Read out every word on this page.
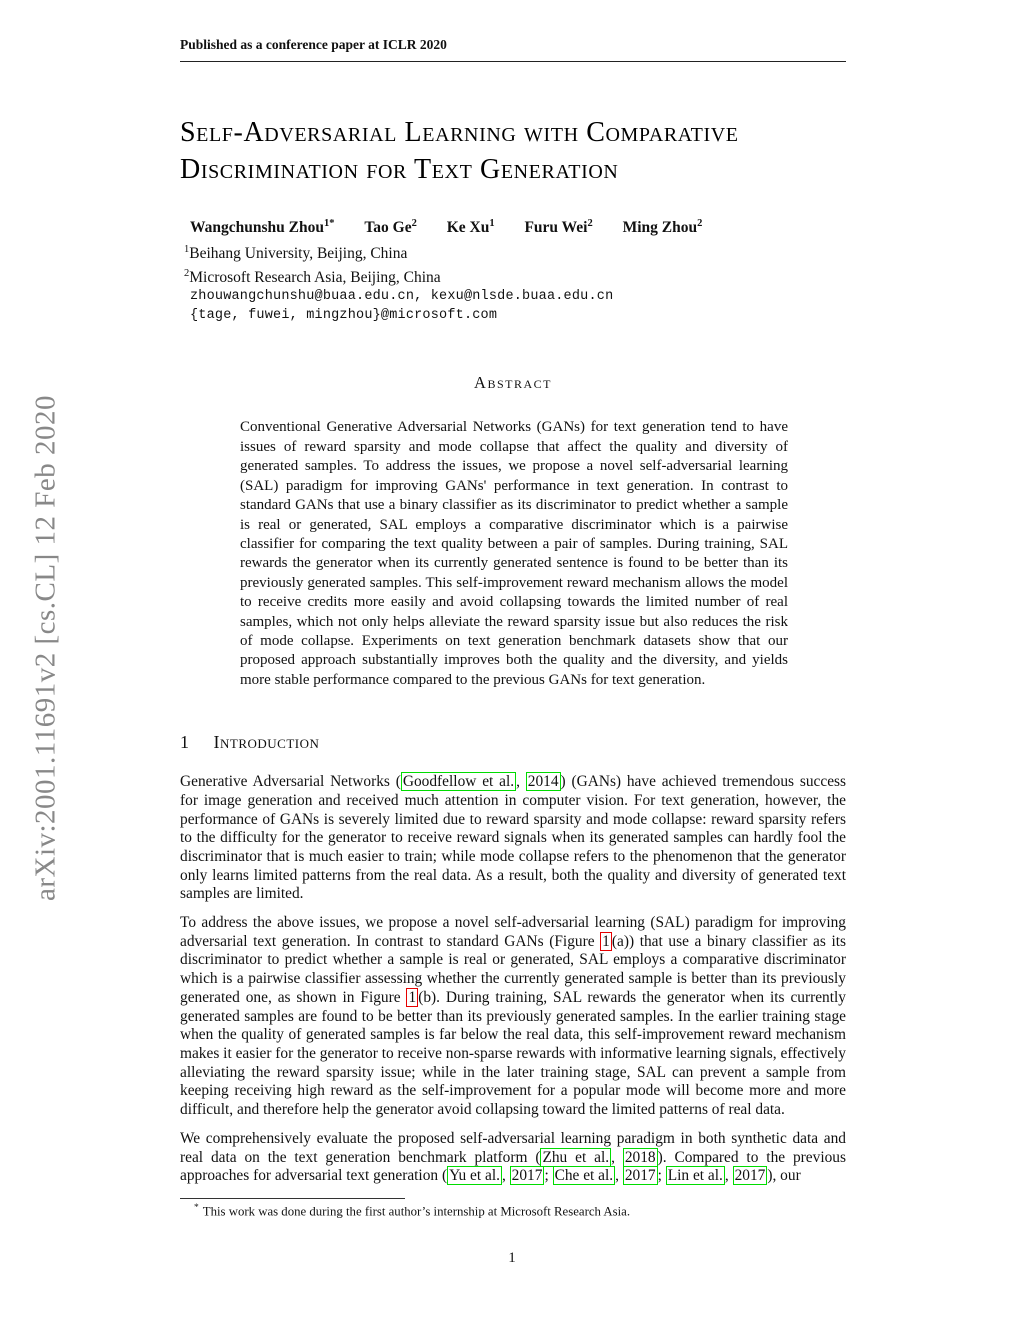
arXiv:2001.11691v2 [cs.CL] 12 Feb 2020
Published as a conference paper at ICLR 2020
Self-Adversarial Learning with Comparative
Discrimination for Text Generation
Wangchunshu Zhou$^{1*}$ Tao Ge$^2$ Ke Xu$^1$ Furu Wei$^2$ Ming Zhou$^2$
$^1$Beihang University, Beijing, China
$^2$Microsoft Research Asia, Beijing, China
zhouwangchunshu@buaa.edu.cn, kexu@nlsde.buaa.edu.cn
{tage, fuwei, mingzhou}@microsoft.com
Abstract
Conventional Generative Adversarial Networks (GANs) for text generation tend to have issues of reward sparsity and mode collapse that affect the quality and diversity of generated samples. To address the issues, we propose a novel self-adversarial learning (SAL) paradigm for improving GANs' performance in text generation. In contrast to standard GANs that use a binary classifier as its discriminator to predict whether a sample is real or generated, SAL employs a comparative discriminator which is a pairwise classifier for comparing the text quality between a pair of samples. During training, SAL rewards the generator when its currently generated sentence is found to be better than its previously generated samples. This self-improvement reward mechanism allows the model to receive credits more easily and avoid collapsing towards the limited number of real samples, which not only helps alleviate the reward sparsity issue but also reduces the risk of mode collapse. Experiments on text generation benchmark datasets show that our proposed approach substantially improves both the quality and the diversity, and yields more stable performance compared to the previous GANs for text generation.
1 Introduction

Generative Adversarial Networks ( Goodfellow et al. , 2014 ) (GANs) have achieved tremendous success for image generation and received much attention in computer vision. For text generation, however, the performance of GANs is severely limited due to reward sparsity and mode collapse: reward sparsity refers to the difficulty for the generator to receive reward signals when its generated samples can hardly fool the discriminator that is much easier to train; while mode collapse refers to the phenomenon that the generator only learns limited patterns from the real data. As a result, both the quality and diversity of generated text samples are limited.

To address the above issues, we propose a novel self-adversarial learning (SAL) paradigm for improving adversarial text generation. In contrast to standard GANs (Figure 1 (a)) that use a binary classifier as its discriminator to predict whether a sample is real or generated, SAL employs a comparative discriminator which is a pairwise classifier assessing whether the currently generated sample is better than its previously generated one, as shown in Figure 1 (b). During training, SAL rewards the generator when its currently generated samples are found to be better than its previously generated samples. In the earlier training stage when the quality of generated samples is far below the real data, this self-improvement reward mechanism makes it easier for the generator to receive non-sparse rewards with informative learning signals, effectively alleviating the reward sparsity issue; while in the later training stage, SAL can prevent a sample from keeping receiving high reward as the self-improvement for a popular mode will become more and more difficult, and therefore help the generator avoid collapsing toward the limited patterns of real data.

We comprehensively evaluate the proposed self-adversarial learning paradigm in both synthetic data and real data on the text generation benchmark platform ( Zhu et al. , 2018 ). Compared to the previous approaches for adversarial text generation ( Yu et al. , 2017 ; Che et al. , 2017 ; Lin et al. , 2017 ), our

* This work was done during the first author’s internship at Microsoft Research Asia.
1
